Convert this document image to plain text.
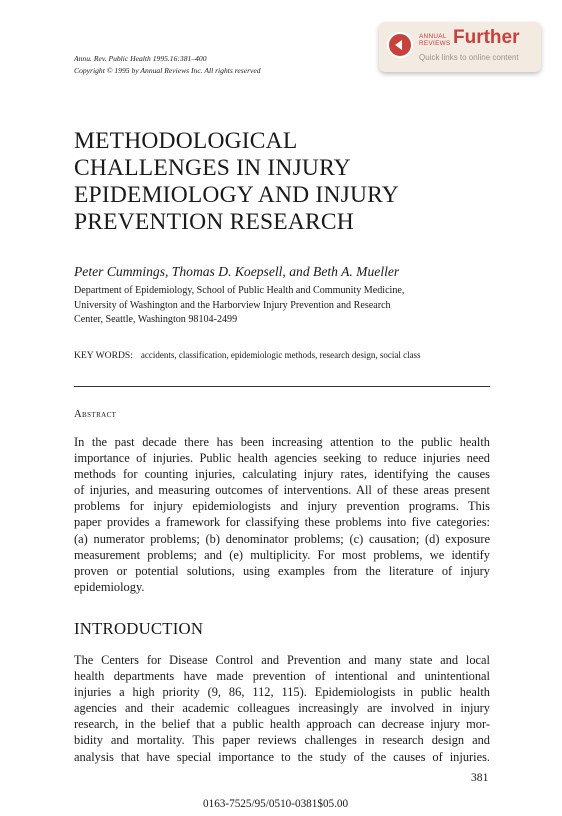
Annu. Rev. Public Health 1995.16:381–400
Copyright © 1995 by Annual Reviews Inc. All rights reserved
ANNUAL
REVIEWS Further
Quick links to online content
METHODOLOGICAL
CHALLENGES IN INJURY
EPIDEMIOLOGY AND INJURY
PREVENTION RESEARCH
Peter Cummings, Thomas D. Koepsell, and Beth A. Mueller
Department of Epidemiology, School of Public Health and Community Medicine,
University of Washington and the Harborview Injury Prevention and Research
Center, Seattle, Washington 98104-2499
KEY WORDS: accidents, classification, epidemiologic methods, research design, social class
Abstract
In the past decade there has been increasing attention to the public health
importance of injuries. Public health agencies seeking to reduce injuries need
methods for counting injuries, calculating injury rates, identifying the causes
of injuries, and measuring outcomes of interventions. All of these areas present
problems for injury epidemiologists and injury prevention programs. This
paper provides a framework for classifying these problems into five categories:
(a) numerator problems; (b) denominator problems; (c) causation; (d) exposure
measurement problems; and (e) multiplicity. For most problems, we identify
proven or potential solutions, using examples from the literature of injury
epidemiology.
INTRODUCTION
The Centers for Disease Control and Prevention and many state and local
health departments have made prevention of intentional and unintentional
injuries a high priority (9, 86, 112, 115). Epidemiologists in public health
agencies and their academic colleagues increasingly are involved in injury
research, in the belief that a public health approach can decrease injury mor-
bidity and mortality. This paper reviews challenges in research design and
analysis that have special importance to the study of the causes of injuries.
381
0163-7525/95/0510-0381$05.00
